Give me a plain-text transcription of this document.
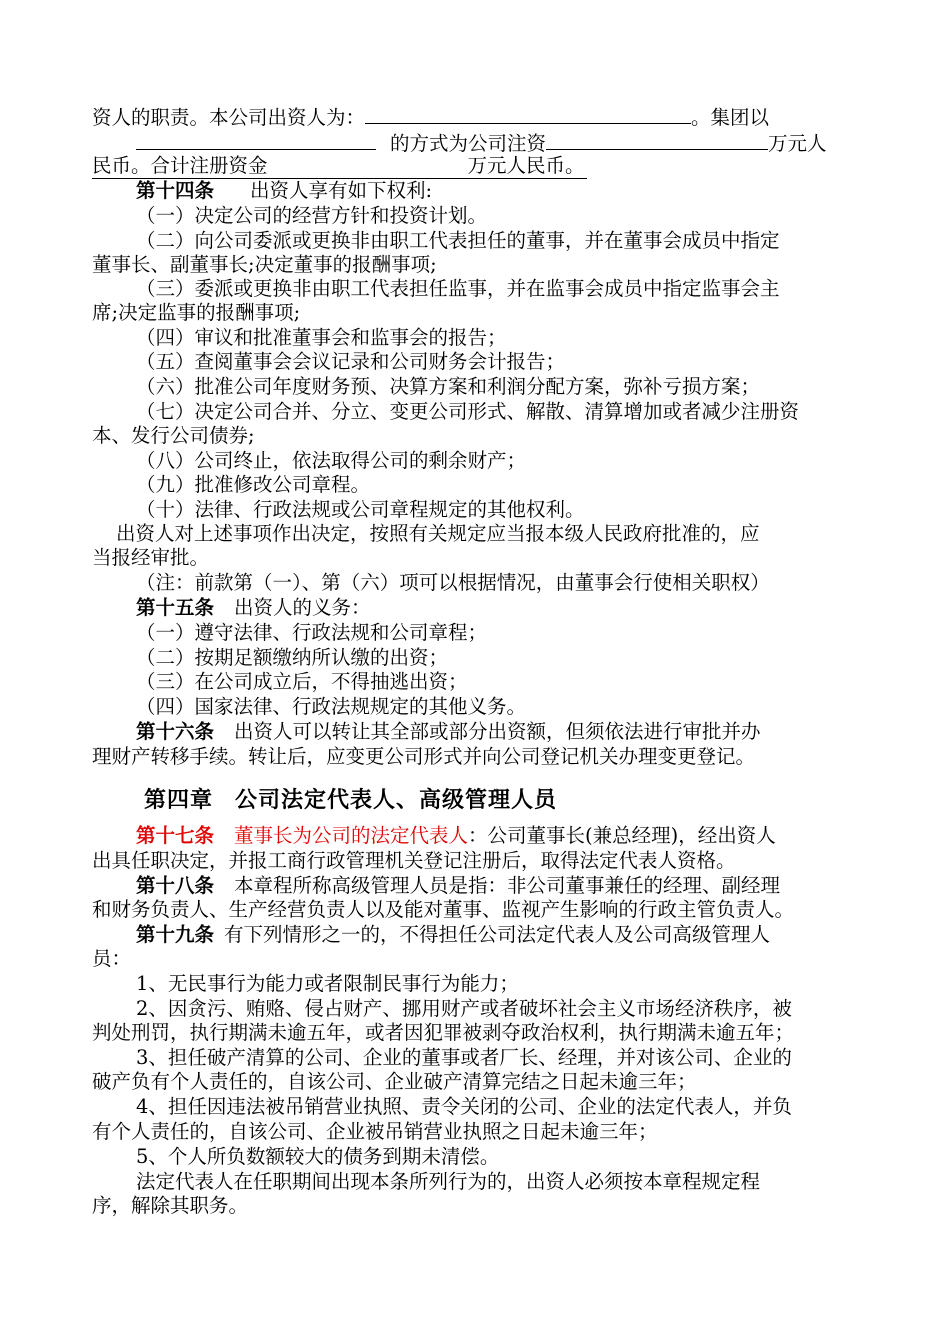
资人的职责。本公司出资人为：	。集团以
的方式为公司注资	万元人
民币。合计注册资金	万元人民币。
第十四条 出资人享有如下权利:
（一）决定公司的经营方针和投资计划。
（二）向公司委派或更换非由职工代表担任的董事，并在董事会成员中指定
董事长、副董事长;决定董事的报酬事项;
（三）委派或更换非由职工代表担任监事，并在监事会成员中指定监事会主
席;决定监事的报酬事项;
（四）审议和批准董事会和监事会的报告；
（五）查阅董事会会议记录和公司财务会计报告；
（六）批准公司年度财务预、决算方案和利润分配方案，弥补亏损方案；
（七）决定公司合并、分立、变更公司形式、解散、清算增加或者减少注册资
本、发行公司债券;
（八）公司终止，依法取得公司的剩余财产；
（九）批准修改公司章程。
（十）法律、行政法规或公司章程规定的其他权利。
出资人对上述事项作出决定，按照有关规定应当报本级人民政府批准的，应
当报经审批。
（注：前款第（一）、第（六）项可以根据情况，由董事会行使相关职权）
第十五条 出资人的义务：
（一）遵守法律、行政法规和公司章程；
（二）按期足额缴纳所认缴的出资；
（三）在公司成立后，不得抽逃出资；
（四）国家法律、行政法规规定的其他义务。
第十六条 出资人可以转让其全部或部分出资额，但须依法进行审批并办
理财产转移手续。转让后，应变更公司形式并向公司登记机关办理变更登记。
第四章 公司法定代表人、高级管理人员
第十七条 董事长为公司的法定代表人：公司董事长(兼总经理)，经出资人
出具任职决定，并报工商行政管理机关登记注册后，取得法定代表人资格。
第十八条 本章程所称高级管理人员是指：非公司董事兼任的经理、副经理
和财务负责人、生产经营负责人以及能对董事、监视产生影响的行政主管负责人。
第十九条 有下列情形之一的，不得担任公司法定代表人及公司高级管理人
员：
1、无民事行为能力或者限制民事行为能力；
2、因贪污、贿赂、侵占财产、挪用财产或者破坏社会主义市场经济秩序，被
判处刑罚，执行期满未逾五年，或者因犯罪被剥夺政治权利，执行期满未逾五年；
3、担任破产清算的公司、企业的董事或者厂长、经理，并对该公司、企业的
破产负有个人责任的，自该公司、企业破产清算完结之日起未逾三年；
4、担任因违法被吊销营业执照、责令关闭的公司、企业的法定代表人，并负
有个人责任的，自该公司、企业被吊销营业执照之日起未逾三年；
5、个人所负数额较大的债务到期未清偿。
法定代表人在任职期间出现本条所列行为的，出资人必须按本章程规定程
序，解除其职务。
